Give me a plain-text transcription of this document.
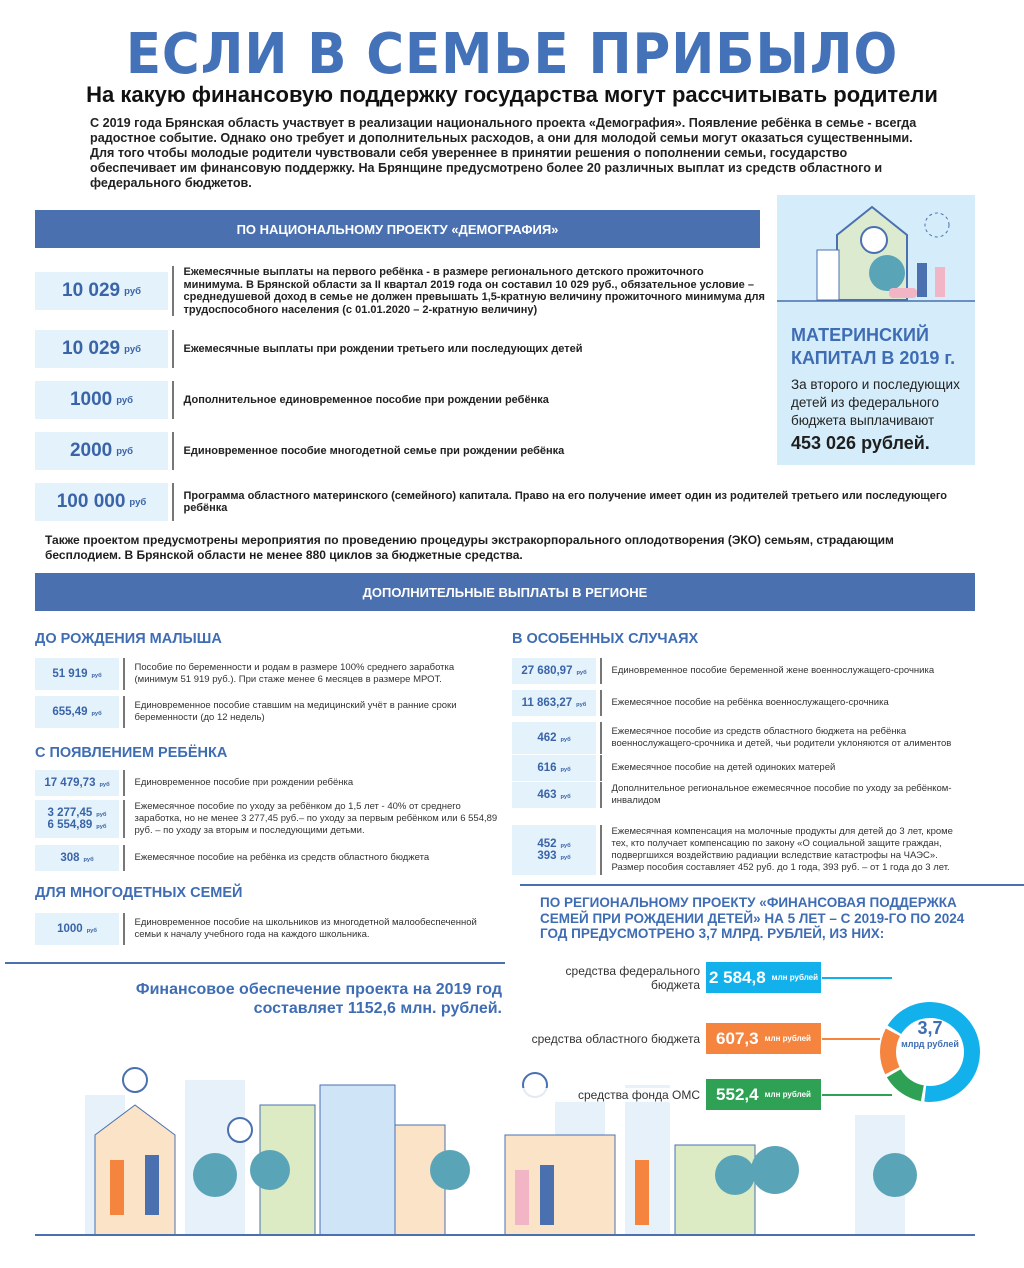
ЕСЛИ В СЕМЬЕ ПРИБЫЛО
На какую финансовую поддержку государства могут рассчитывать родители
С 2019 года Брянская область участвует в реализации национального проекта «Демография». Появление ребёнка в семье - всегда радостное событие. Однако оно требует и дополнительных расходов, а они для молодой семьи могут оказаться существенными. Для того чтобы молодые родители чувствовали себя увереннее в принятии решения о пополнении семьи, государство обеспечивает им финансовую поддержку. На Брянщине предусмотрено более 20 различных выплат из средств областного и федерального бюджетов.
ПО НАЦИОНАЛЬНОМУ ПРОЕКТУ «ДЕМОГРАФИЯ»
МАТЕРИНСКИЙ КАПИТАЛ В 2019 г.
За второго и последующих детей из федерального бюджета выплачивают
453 026 рублей.
Также проектом предусмотрены мероприятия по проведению процедуры экстракорпорального оплодотворения (ЭКО) семьям, страдающим бесплодием. В Брянской области не менее 880 циклов за бюджетные средства.
ДОПОЛНИТЕЛЬНЫЕ ВЫПЛАТЫ В РЕГИОНЕ
ДО РОЖДЕНИЯ МАЛЫША
С ПОЯВЛЕНИЕМ РЕБЁНКА
ДЛЯ МНОГОДЕТНЫХ СЕМЕЙ
В ОСОБЕННЫХ СЛУЧАЯХ
51 919 руб
Пособие по беременности и родам в размере 100% среднего заработка (минимум 51 919 руб.). При стаже менее 6 месяцев в размере МРОТ.
655,49 руб
Единовременное пособие ставшим на медицинский учёт в ранние сроки беременности (до 12 недель)
17 479,73 руб	Единовременное пособие при рождении ребёнка
3 277,45 руб
6 554,89 руб
Ежемесячное пособие по уходу за ребёнком до 1,5 лет - 40% от среднего заработка, но не менее 3 277,45 руб.– по уходу за первым ребёнком или 6 554,89 руб. – по уходу за вторым и последующими детьми.
308 руб	Ежемесячное пособие на ребёнка из средств областного бюджета
1000 руб
Единовременное пособие на школьников из многодетной малообеспеченной семьи к началу учебного года на каждого школьника.
27 680,97 руб	Единовременное пособие беременной жене военнослужащего-срочника
11 863,27 руб	Ежемесячное пособие на ребёнка военнослужащего-срочника
462 руб
Ежемесячное пособие из средств областного бюджета на ребёнка военнослужащего-срочника и детей, чьи родители уклоняются от алиментов
616 руб	Ежемесячное пособие на детей одиноких матерей
463 руб
Дополнительное региональное ежемесячное пособие по уходу за ребёнком-инвалидом
452 руб
393 руб
Ежемесячная компенсация на молочные продукты для детей до 3 лет, кроме тех, кто получает компенсацию по закону «О социальной защите граждан, подвергшихся воздействию радиации вследствие катастрофы на ЧАЭС». Размер пособия составляет 452 руб. до 1 года, 393 руб. – от 1 года до 3 лет.
Финансовое обеспечение проекта на 2019 год составляет 1152,6 млн. рублей.
ПО РЕГИОНАЛЬНОМУ ПРОЕКТУ «ФИНАНСОВАЯ ПОДДЕРЖКА СЕМЕЙ ПРИ РОЖДЕНИИ ДЕТЕЙ» НА 5 ЛЕТ – С 2019-ГО ПО 2024 ГОД ПРЕДУСМОТРЕНО 3,7 МЛРД. РУБЛЕЙ, ИЗ НИХ:
средства федерального бюджета 2 584,8 млн рублей
средства областного бюджета 607,3 млн рублей
средства фонда ОМС 552,4 млн рублей
3,7
млрд рублей
10 029 руб
Ежемесячные выплаты на первого ребёнка - в размере регионального детского прожиточного минимума. В Брянской области за II квартал 2019 года он составил 10 029 руб., обязательное условие – среднедушевой доход в семье не должен превышать 1,5-кратную величину прожиточного минимума для трудоспособного населения (с 01.01.2020 – 2-кратную величину)
10 029 руб	Ежемесячные выплаты при рождении третьего или последующих детей
1000 руб	Дополнительное единовременное пособие при рождении ребёнка
2000 руб	Единовременное пособие многодетной семье при рождении ребёнка
100 000 руб
Программа областного материнского (семейного) капитала. Право на его получение имеет один из родителей третьего или последующего ребёнка
